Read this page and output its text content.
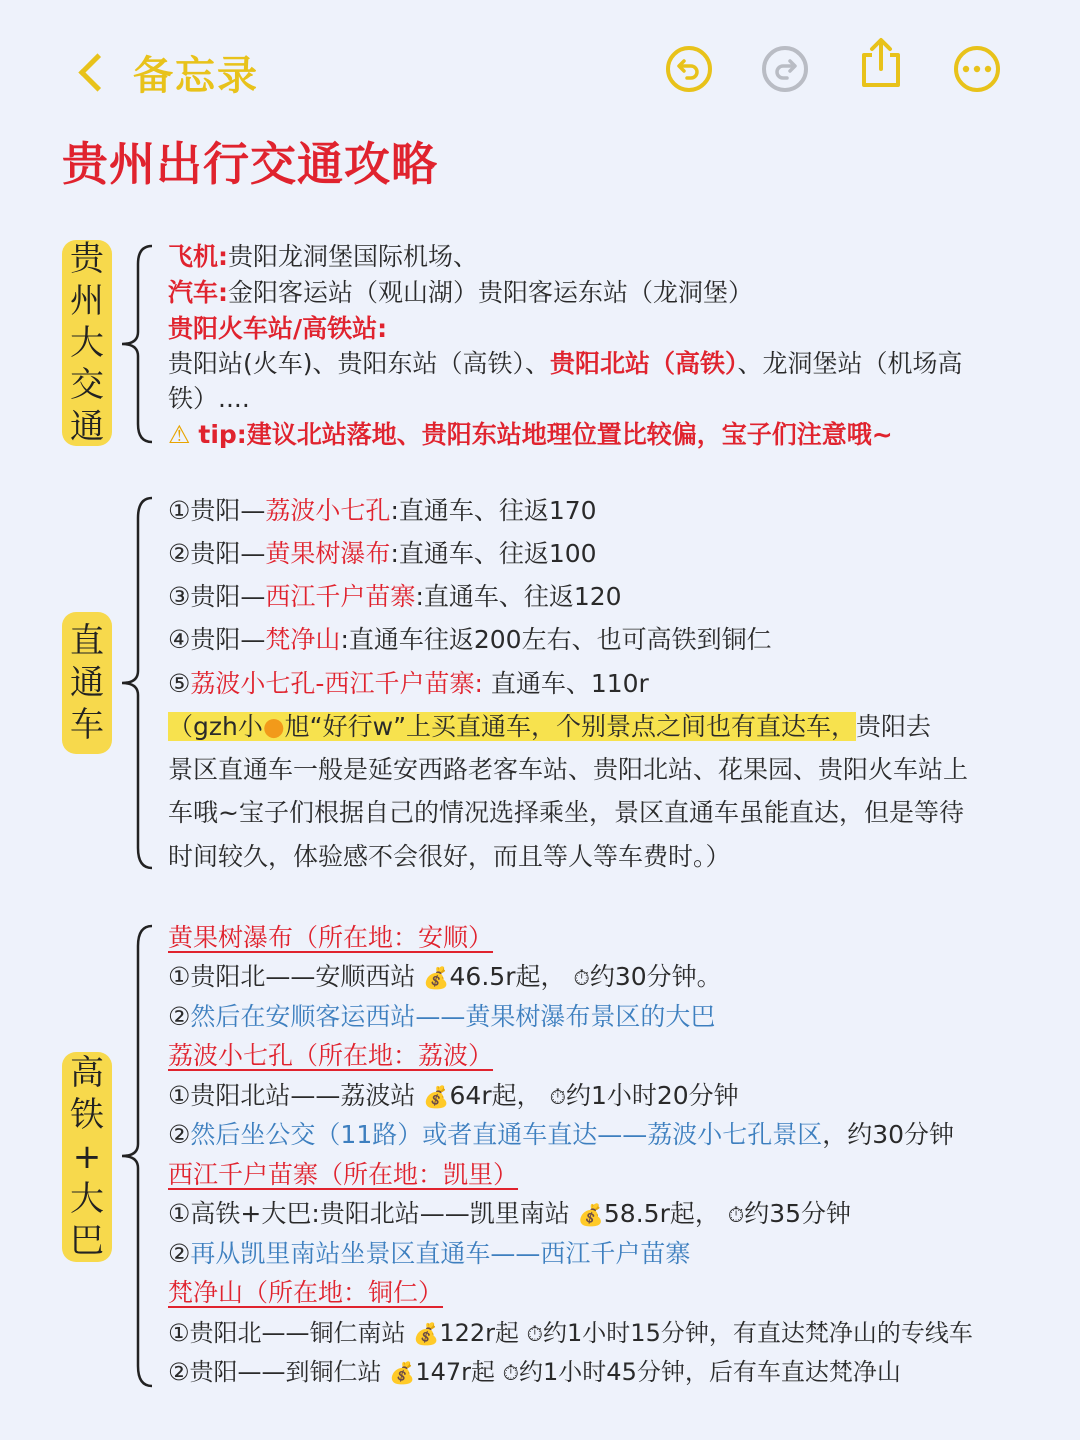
备忘录
贵州出行交通攻略
贵
州
大
交
通
飞机:贵阳龙洞堡国际机场、
汽车:金阳客运站（观山湖）贵阳客运东站（龙洞堡）
贵阳火车站/高铁站:
贵阳站(火车)、贵阳东站（高铁）、贵阳北站（高铁）、龙洞堡站（机场高
铁）....
⚠ tip:建议北站落地、贵阳东站地理位置比较偏，宝子们注意哦~
直
通
车
①贵阳—荔波小七孔:直通车、往返170
②贵阳—黄果树瀑布:直通车、往返100
③贵阳—西江千户苗寨:直通车、往返120
④贵阳—梵净山:直通车往返200左右、也可高铁到铜仁
⑤荔波小七孔-西江千户苗寨: 直通车、110r
（gzh小●旭“好行w”上买直通车，个别景点之间也有直达车，贵阳去
景区直通车一般是延安西路老客车站、贵阳北站、花果园、贵阳火车站上
车哦~宝子们根据自己的情况选择乘坐，景区直通车虽能直达，但是等待
时间较久，体验感不会很好，而且等人等车费时。）
高
铁
+
大
巴
黄果树瀑布（所在地：安顺）
①贵阳北——安顺西站 💰46.5r起， ⏱约30分钟。
②然后在安顺客运西站——黄果树瀑布景区的大巴
荔波小七孔（所在地：荔波）
①贵阳北站——荔波站 💰64r起， ⏱约1小时20分钟
②然后坐公交（11路）或者直通车直达——荔波小七孔景区，约30分钟
西江千户苗寨（所在地：凯里）
①高铁+大巴:贵阳北站——凯里南站 💰58.5r起， ⏱约35分钟
②再从凯里南站坐景区直通车——西江千户苗寨
梵净山（所在地：铜仁）
①贵阳北——铜仁南站 💰122r起 ⏱约1小时15分钟，有直达梵净山的专线车
②贵阳——到铜仁站 💰147r起 ⏱约1小时45分钟，后有车直达梵净山
